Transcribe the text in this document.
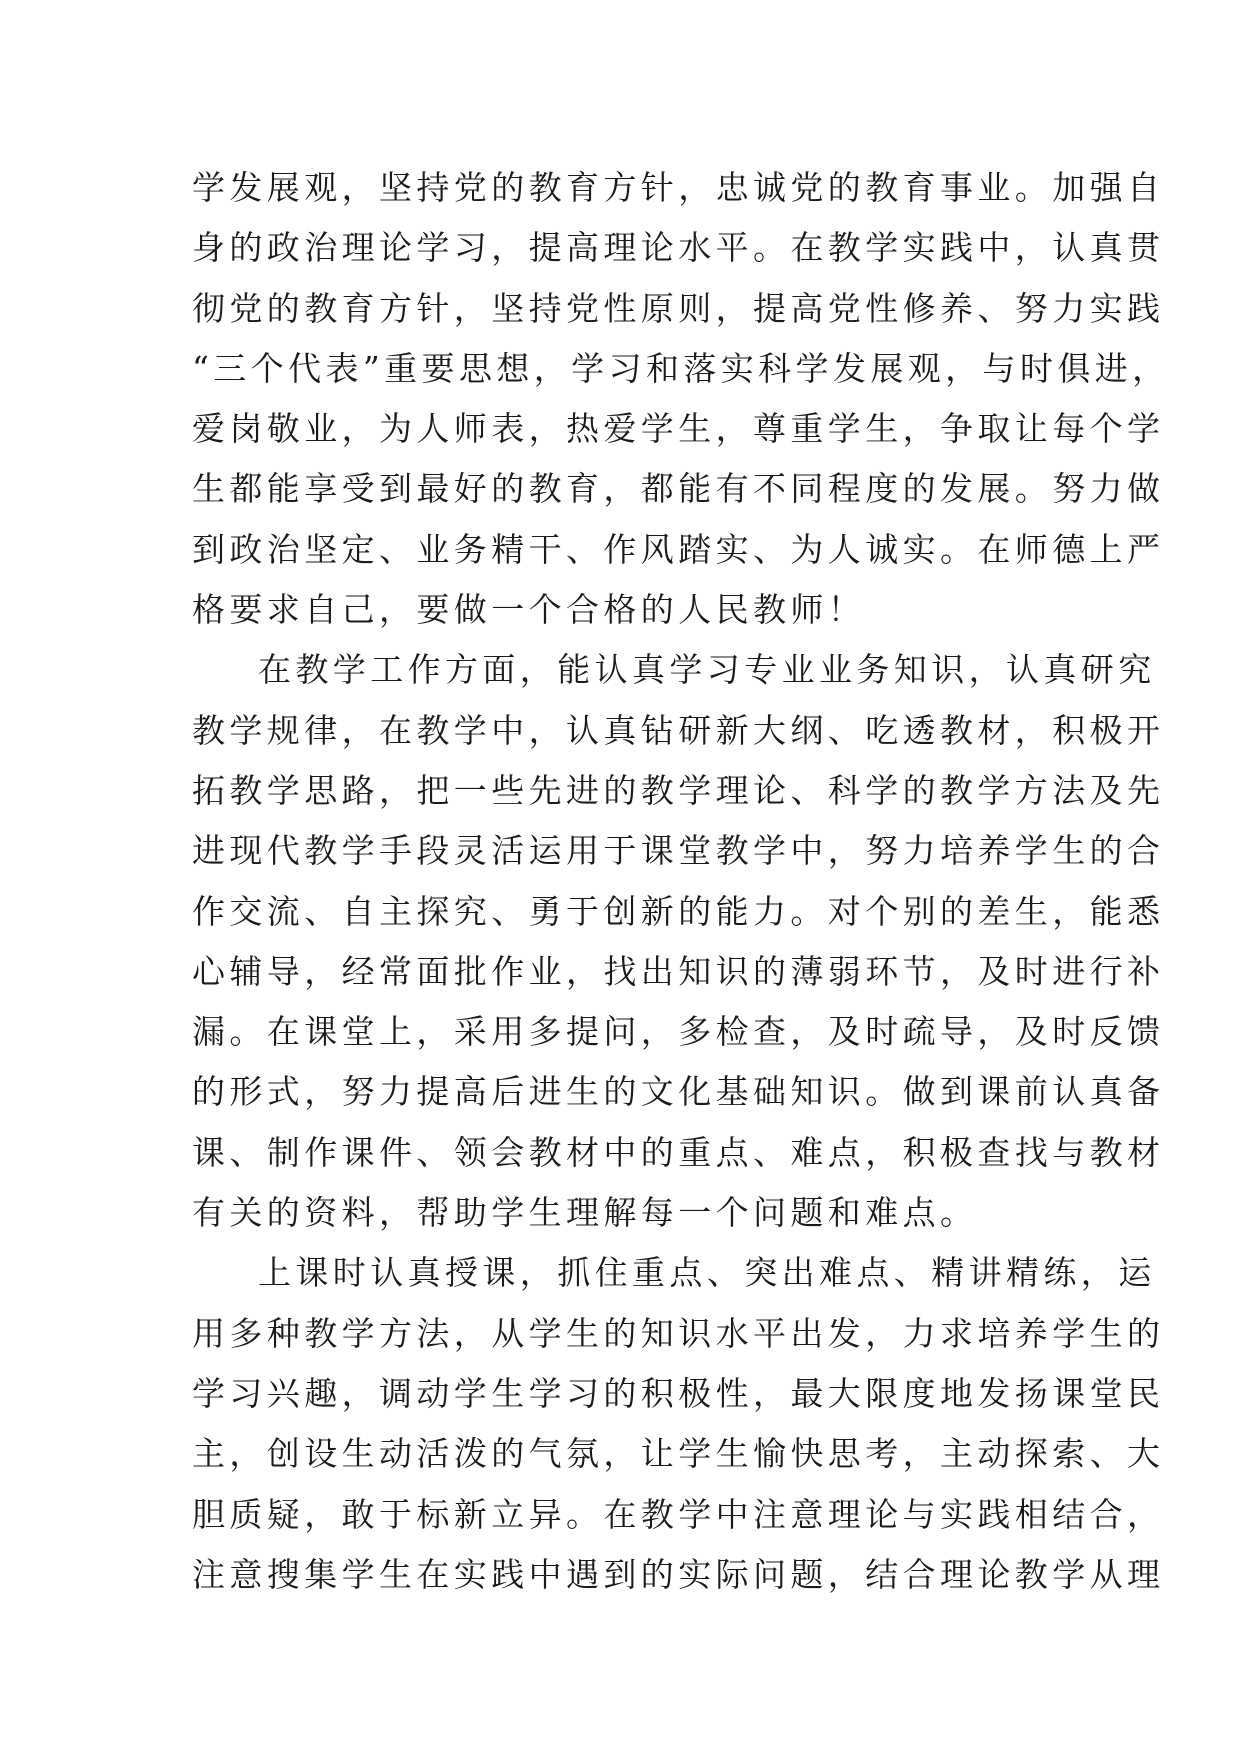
学发展观，坚持党的教育方针，忠诚党的教育事业。加强自
身的政治理论学习，提高理论水平。在教学实践中，认真贯
彻党的教育方针，坚持党性原则，提高党性修养、努力实践
“三个代表”重要思想，学习和落实科学发展观，与时俱进，
爱岗敬业，为人师表，热爱学生，尊重学生，争取让每个学
生都能享受到最好的教育，都能有不同程度的发展。努力做
到政治坚定、业务精干、作风踏实、为人诚实。在师德上严
格要求自己，要做一个合格的人民教师！
在教学工作方面，能认真学习专业业务知识，认真研究
教学规律，在教学中，认真钻研新大纲、吃透教材，积极开
拓教学思路，把一些先进的教学理论、科学的教学方法及先
进现代教学手段灵活运用于课堂教学中，努力培养学生的合
作交流、自主探究、勇于创新的能力。对个别的差生，能悉
心辅导，经常面批作业，找出知识的薄弱环节，及时进行补
漏。在课堂上，采用多提问，多检查，及时疏导，及时反馈
的形式，努力提高后进生的文化基础知识。做到课前认真备
课、制作课件、领会教材中的重点、难点，积极查找与教材
有关的资料，帮助学生理解每一个问题和难点。
上课时认真授课，抓住重点、突出难点、精讲精练，运
用多种教学方法，从学生的知识水平出发，力求培养学生的
学习兴趣，调动学生学习的积极性，最大限度地发扬课堂民
主，创设生动活泼的气氛，让学生愉快思考，主动探索、大
胆质疑，敢于标新立异。在教学中注意理论与实践相结合，
注意搜集学生在实践中遇到的实际问题，结合理论教学从理
